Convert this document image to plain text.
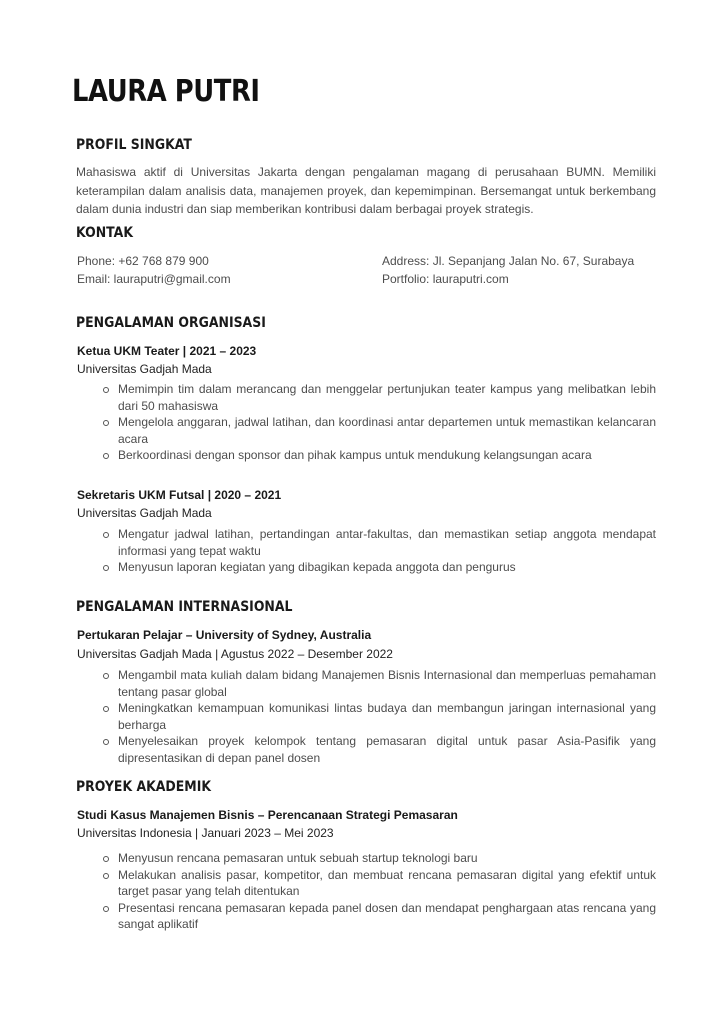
LAURA PUTRI
PROFIL SINGKAT

Mahasiswa aktif di Universitas Jakarta dengan pengalaman magang di perusahaan BUMN. Memiliki keterampilan dalam analisis data, manajemen proyek, dan kepemimpinan. Bersemangat untuk berkembang dalam dunia industri dan siap memberikan kontribusi dalam berbagai proyek strategis.

KONTAK
Phone: +62 768 879 900
Email: lauraputri@gmail.com
Address: Jl. Sepanjang Jalan No. 67, Surabaya
Portfolio: lauraputri.com
PENGALAMAN ORGANISASI
Ketua UKM Teater | 2021 – 2023
Universitas Gadjah Mada
Memimpin tim dalam merancang dan menggelar pertunjukan teater kampus yang melibatkan lebih dari 50 mahasiswa
Mengelola anggaran, jadwal latihan, dan koordinasi antar departemen untuk memastikan kelancaran acara
Berkoordinasi dengan sponsor dan pihak kampus untuk mendukung kelangsungan acara
Sekretaris UKM Futsal | 2020 – 2021
Universitas Gadjah Mada
Mengatur jadwal latihan, pertandingan antar-fakultas, dan memastikan setiap anggota mendapat informasi yang tepat waktu
Menyusun laporan kegiatan yang dibagikan kepada anggota dan pengurus
PENGALAMAN INTERNASIONAL
Pertukaran Pelajar – University of Sydney, Australia
Universitas Gadjah Mada | Agustus 2022 – Desember 2022
Mengambil mata kuliah dalam bidang Manajemen Bisnis Internasional dan memperluas pemahaman tentang pasar global
Meningkatkan kemampuan komunikasi lintas budaya dan membangun jaringan internasional yang berharga
Menyelesaikan proyek kelompok tentang pemasaran digital untuk pasar Asia-Pasifik yang dipresentasikan di depan panel dosen
PROYEK AKADEMIK
Studi Kasus Manajemen Bisnis – Perencanaan Strategi Pemasaran
Universitas Indonesia | Januari 2023 – Mei 2023
Menyusun rencana pemasaran untuk sebuah startup teknologi baru
Melakukan analisis pasar, kompetitor, dan membuat rencana pemasaran digital yang efektif untuk target pasar yang telah ditentukan
Presentasi rencana pemasaran kepada panel dosen dan mendapat penghargaan atas rencana yang sangat aplikatif
